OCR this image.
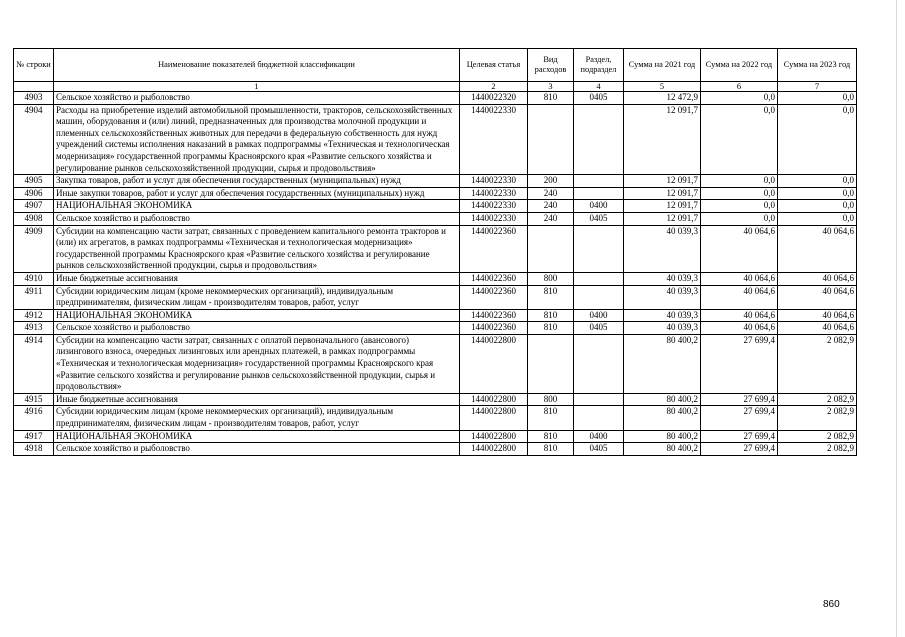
№ строки	Наименование показателей бюджетной классификации	Целевая статья	Вид расходов	Раздел, подраздел	Сумма на 2021 год	Сумма на 2022 год	Сумма на 2023 год
	1	2	3	4	5	6	7
4903	Сельское хозяйство и рыболовство	1440022320	810	0405	12 472,9	0,0	0,0
4904	Расходы на приобретение изделий автомобильной промышленности, тракторов, сельскохозяйственных машин, оборудования и (или) линий, предназначенных для производства молочной продукции и племенных сельскохозяйственных животных для передачи в федеральную собственность для нужд учреждений системы исполнения наказаний в рамках подпрограммы «Техническая и технологическая модернизация» государственной программы Красноярского края «Развитие сельского хозяйства и регулирование рынков сельскохозяйственной продукции, сырья и продовольствия»	1440022330			12 091,7	0,0	0,0
4905	Закупка товаров, работ и услуг для обеспечения государственных (муниципальных) нужд	1440022330	200		12 091,7	0,0	0,0
4906	Иные закупки товаров, работ и услуг для обеспечения государственных (муниципальных) нужд	1440022330	240		12 091,7	0,0	0,0
4907	НАЦИОНАЛЬНАЯ ЭКОНОМИКА	1440022330	240	0400	12 091,7	0,0	0,0
4908	Сельское хозяйство и рыболовство	1440022330	240	0405	12 091,7	0,0	0,0
4909	Субсидии на компенсацию части затрат, связанных с проведением капитального ремонта тракторов и (или) их агрегатов, в рамках подпрограммы «Техническая и технологическая модернизация» государственной программы Красноярского края «Развитие сельского хозяйства и регулирование рынков сельскохозяйственной продукции, сырья и продовольствия»	1440022360			40 039,3	40 064,6	40 064,6
4910	Иные бюджетные ассигнования	1440022360	800		40 039,3	40 064,6	40 064,6
4911	Субсидии юридическим лицам (кроме некоммерческих организаций), индивидуальным предпринимателям, физическим лицам - производителям товаров, работ, услуг	1440022360	810		40 039,3	40 064,6	40 064,6
4912	НАЦИОНАЛЬНАЯ ЭКОНОМИКА	1440022360	810	0400	40 039,3	40 064,6	40 064,6
4913	Сельское хозяйство и рыболовство	1440022360	810	0405	40 039,3	40 064,6	40 064,6
4914	Субсидии на компенсацию части затрат, связанных с оплатой первоначального (авансового) лизингового взноса, очередных лизинговых или арендных платежей, в рамках подпрограммы «Техническая и технологическая модернизация» государственной программы Красноярского края «Развитие сельского хозяйства и регулирование рынков сельскохозяйственной продукции, сырья и продовольствия»	1440022800			80 400,2	27 699,4	2 082,9
4915	Иные бюджетные ассигнования	1440022800	800		80 400,2	27 699,4	2 082,9
4916	Субсидии юридическим лицам (кроме некоммерческих организаций), индивидуальным предпринимателям, физическим лицам - производителям товаров, работ, услуг	1440022800	810		80 400,2	27 699,4	2 082,9
4917	НАЦИОНАЛЬНАЯ ЭКОНОМИКА	1440022800	810	0400	80 400,2	27 699,4	2 082,9
4918	Сельское хозяйство и рыболовство	1440022800	810	0405	80 400,2	27 699,4	2 082,9
860
